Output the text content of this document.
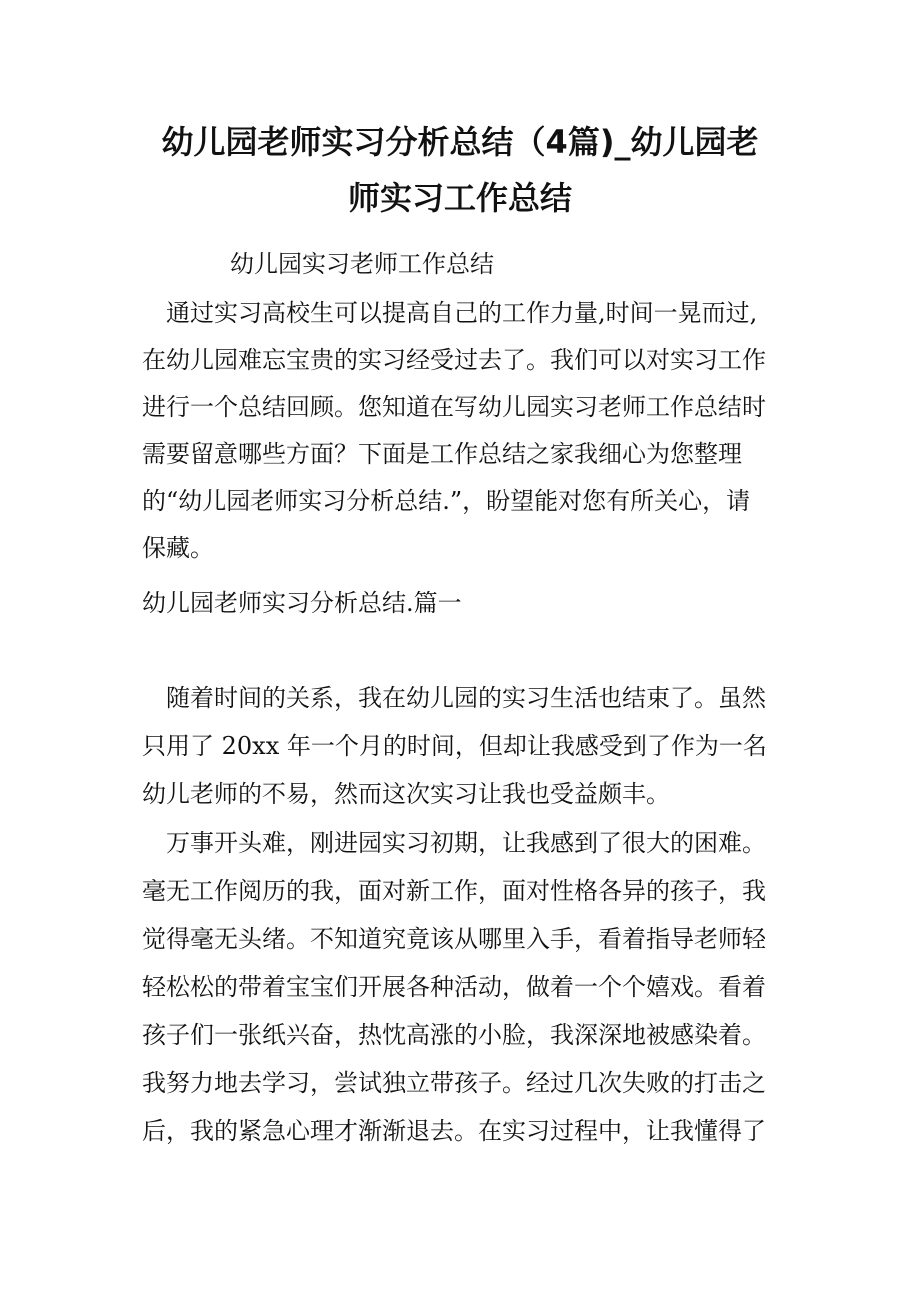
幼儿园老师实习分析总结（4篇)_幼儿园老
师实习工作总结
幼儿园实习老师工作总结
通过实习高校生可以提高自己的工作力量,时间一晃而过,
在幼儿园难忘宝贵的实习经受过去了。我们可以对实习工作
进行一个总结回顾。您知道在写幼儿园实习老师工作总结时
需要留意哪些方面？下面是工作总结之家我细心为您整理
的“幼儿园老师实习分析总结.”，盼望能对您有所关心，请
保藏。
幼儿园老师实习分析总结.篇一
随着时间的关系，我在幼儿园的实习生活也结束了。虽然
只用了 20xx 年一个月的时间，但却让我感受到了作为一名
幼儿老师的不易，然而这次实习让我也受益颇丰。
万事开头难，刚进园实习初期，让我感到了很大的困难。
毫无工作阅历的我，面对新工作，面对性格各异的孩子，我
觉得毫无头绪。不知道究竟该从哪里入手，看着指导老师轻
轻松松的带着宝宝们开展各种活动，做着一个个嬉戏。看着
孩子们一张纸兴奋，热忱高涨的小脸，我深深地被感染着。
我努力地去学习，尝试独立带孩子。经过几次失败的打击之
后，我的紧急心理才渐渐退去。在实习过程中，让我懂得了
